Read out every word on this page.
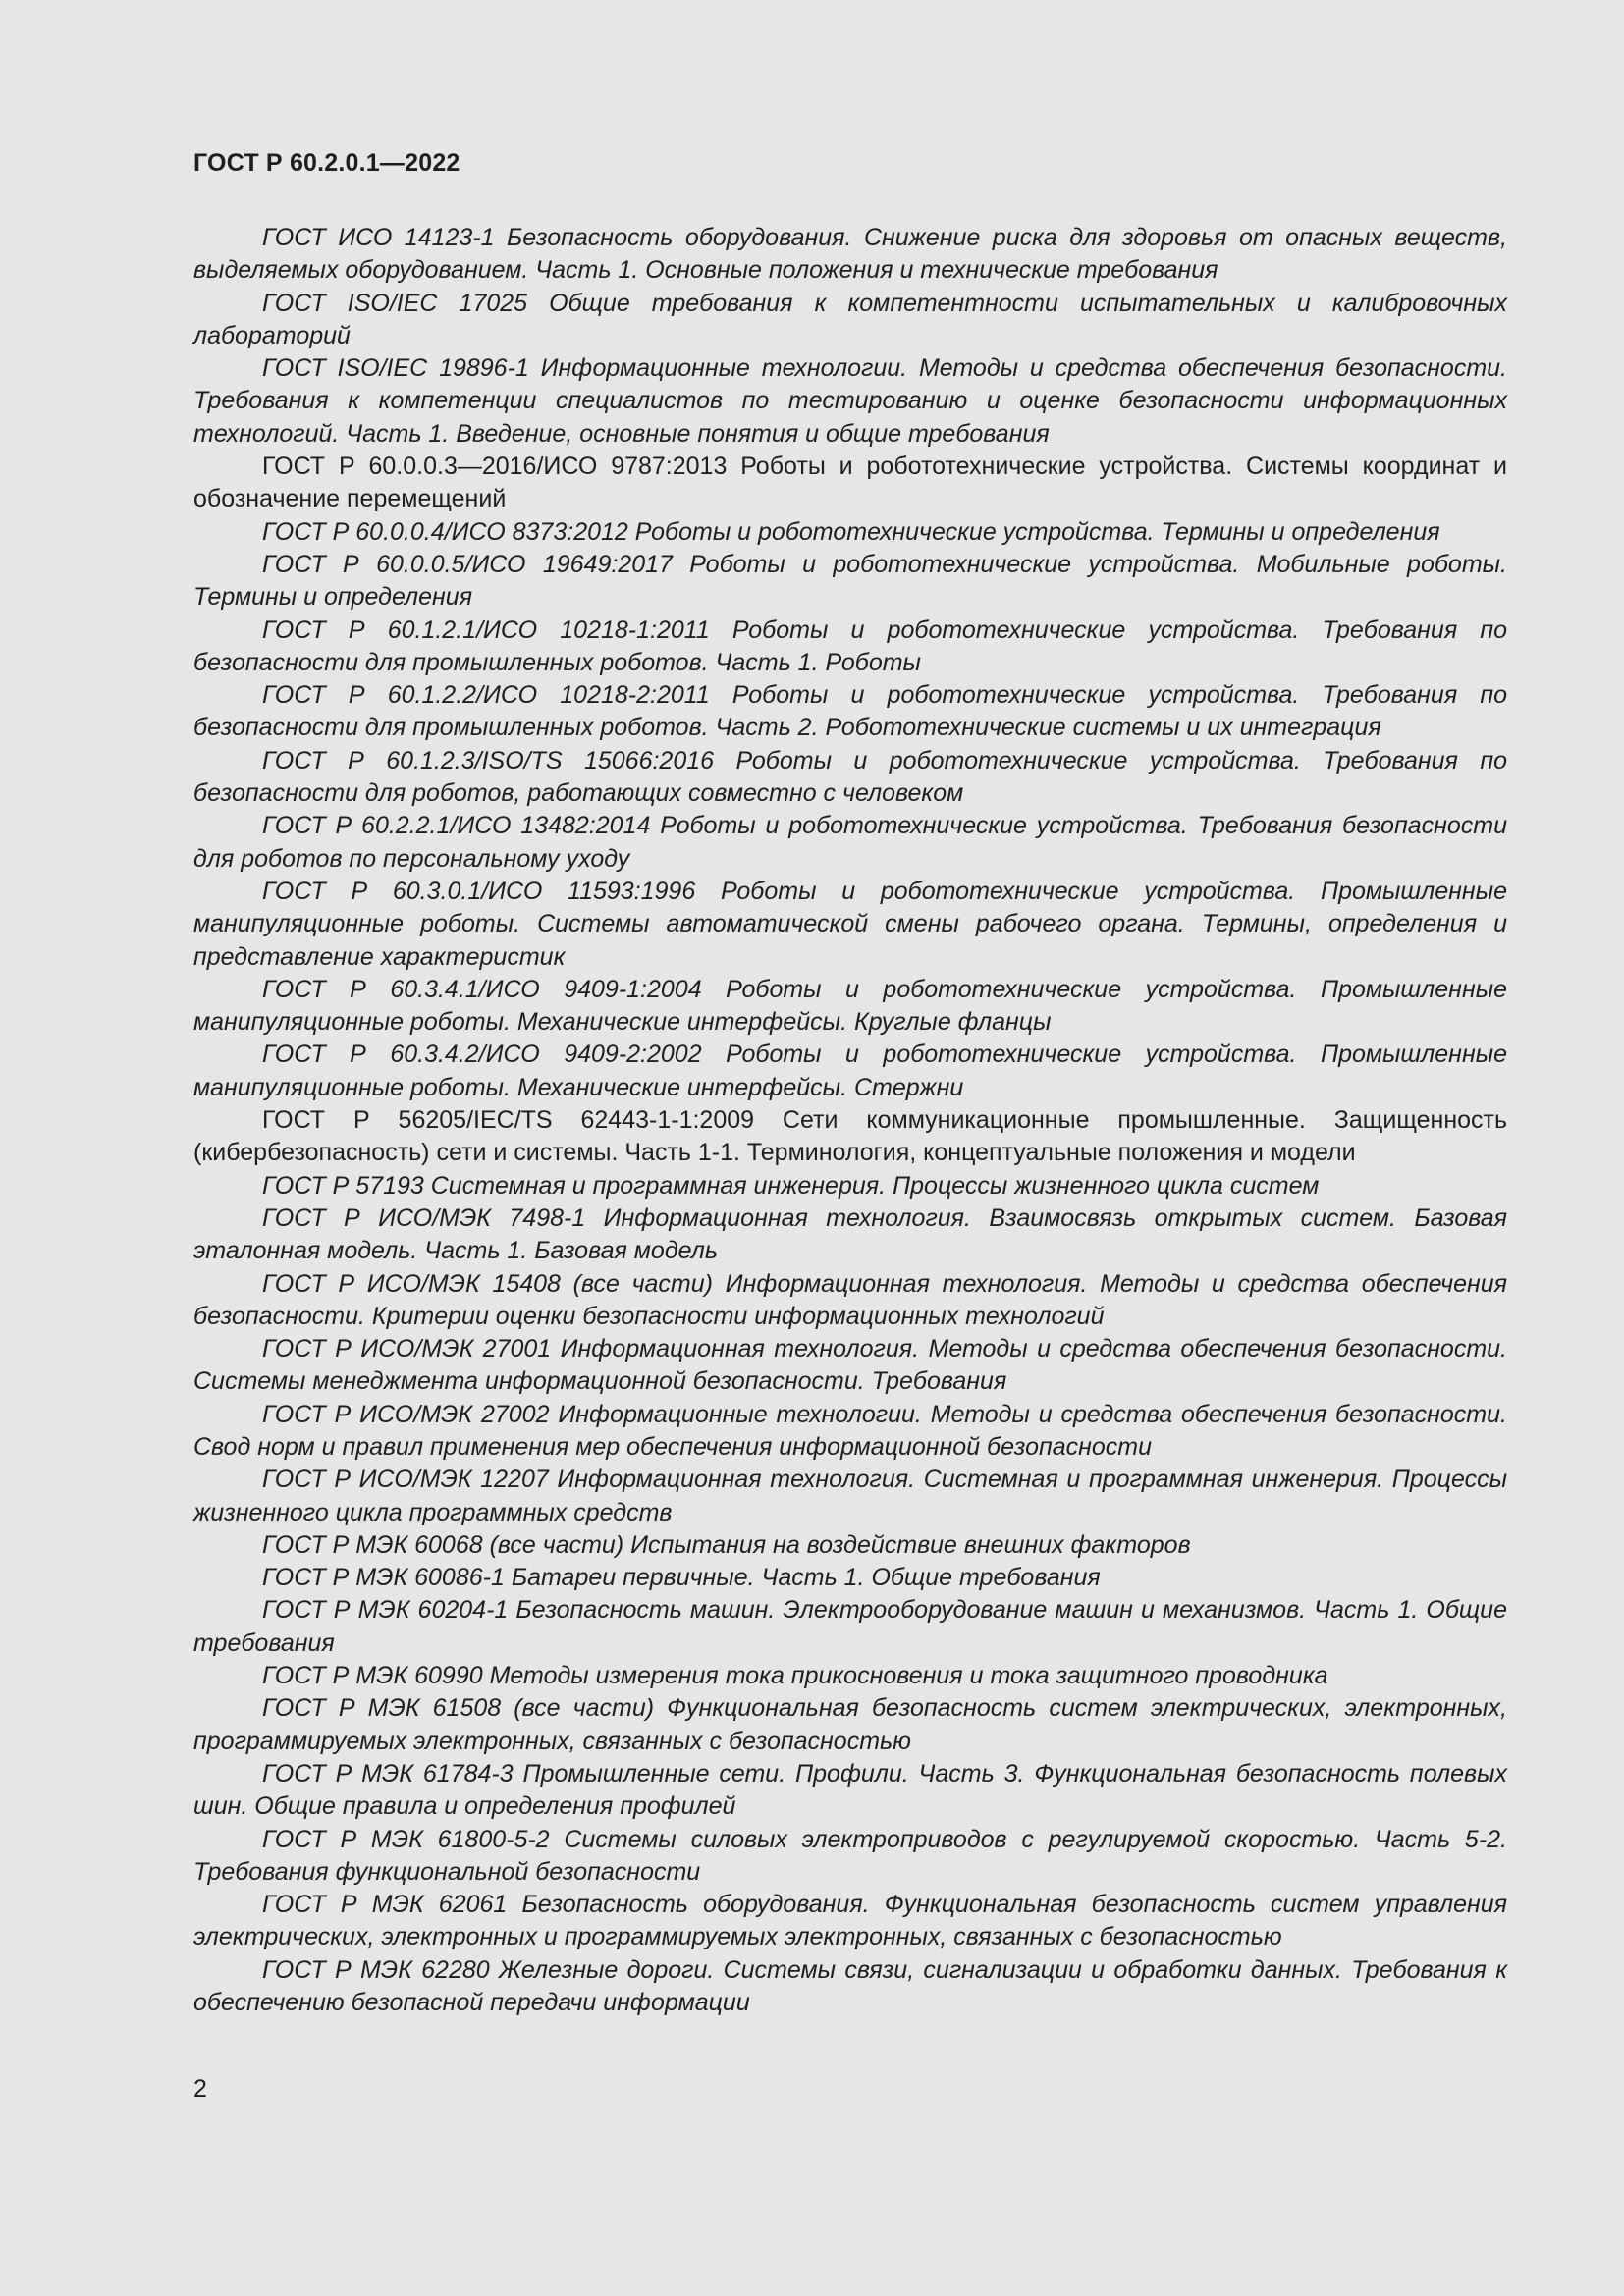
ГОСТ Р 60.2.0.1—2022

ГОСТ ИСО 14123-1 Безопасность оборудования. Снижение риска для здоровья от опасных веществ, выделяемых оборудованием. Часть 1. Основные положения и технические требования

ГОСТ ISO/IEC 17025 Общие требования к компетентности испытательных и калибровочных лабораторий

ГОСТ ISO/IEC 19896-1 Информационные технологии. Методы и средства обеспечения безопасности. Требования к компетенции специалистов по тестированию и оценке безопасности информационных технологий. Часть 1. Введение, основные понятия и общие требования

ГОСТ Р 60.0.0.3—2016/ИСО 9787:2013 Роботы и робототехнические устройства. Системы координат и обозначение перемещений

ГОСТ Р 60.0.0.4/ИСО 8373:2012 Роботы и робототехнические устройства. Термины и определения

ГОСТ Р 60.0.0.5/ИСО 19649:2017 Роботы и робототехнические устройства. Мобильные роботы. Термины и определения

ГОСТ Р 60.1.2.1/ИСО 10218-1:2011 Роботы и робототехнические устройства. Требования по безопасности для промышленных роботов. Часть 1. Роботы

ГОСТ Р 60.1.2.2/ИСО 10218-2:2011 Роботы и робототехнические устройства. Требования по безопасности для промышленных роботов. Часть 2. Робототехнические системы и их интеграция

ГОСТ Р 60.1.2.3/ISO/TS 15066:2016 Роботы и робототехнические устройства. Требования по безопасности для роботов, работающих совместно с человеком

ГОСТ Р 60.2.2.1/ИСО 13482:2014 Роботы и робототехнические устройства. Требования безопасности для роботов по персональному уходу

ГОСТ Р 60.3.0.1/ИСО 11593:1996 Роботы и робототехнические устройства. Промышленные манипуляционные роботы. Системы автоматической смены рабочего органа. Термины, определения и представление характеристик

ГОСТ Р 60.3.4.1/ИСО 9409-1:2004 Роботы и робототехнические устройства. Промышленные манипуляционные роботы. Механические интерфейсы. Круглые фланцы

ГОСТ Р 60.3.4.2/ИСО 9409-2:2002 Роботы и робототехнические устройства. Промышленные манипуляционные роботы. Механические интерфейсы. Стержни

ГОСТ Р 56205/IEC/TS 62443-1-1:2009 Сети коммуникационные промышленные. Защищенность (кибербезопасность) сети и системы. Часть 1-1. Терминология, концептуальные положения и модели

ГОСТ Р 57193 Системная и программная инженерия. Процессы жизненного цикла систем

ГОСТ Р ИСО/МЭК 7498-1 Информационная технология. Взаимосвязь открытых систем. Базовая эталонная модель. Часть 1. Базовая модель

ГОСТ Р ИСО/МЭК 15408 (все части) Информационная технология. Методы и средства обеспечения безопасности. Критерии оценки безопасности информационных технологий

ГОСТ Р ИСО/МЭК 27001 Информационная технология. Методы и средства обеспечения безопасности. Системы менеджмента информационной безопасности. Требования

ГОСТ Р ИСО/МЭК 27002 Информационные технологии. Методы и средства обеспечения безопасности. Свод норм и правил применения мер обеспечения информационной безопасности

ГОСТ Р ИСО/МЭК 12207 Информационная технология. Системная и программная инженерия. Процессы жизненного цикла программных средств

ГОСТ Р МЭК 60068 (все части) Испытания на воздействие внешних факторов

ГОСТ Р МЭК 60086-1 Батареи первичные. Часть 1. Общие требования

ГОСТ Р МЭК 60204-1 Безопасность машин. Электрооборудование машин и механизмов. Часть 1. Общие требования

ГОСТ Р МЭК 60990 Методы измерения тока прикосновения и тока защитного проводника

ГОСТ Р МЭК 61508 (все части) Функциональная безопасность систем электрических, электронных, программируемых электронных, связанных с безопасностью

ГОСТ Р МЭК 61784-3 Промышленные сети. Профили. Часть 3. Функциональная безопасность полевых шин. Общие правила и определения профилей

ГОСТ Р МЭК 61800-5-2 Системы силовых электроприводов с регулируемой скоростью. Часть 5-2. Требования функциональной безопасности

ГОСТ Р МЭК 62061 Безопасность оборудования. Функциональная безопасность систем управления электрических, электронных и программируемых электронных, связанных с безопасностью

ГОСТ Р МЭК 62280 Железные дороги. Системы связи, сигнализации и обработки данных. Требования к обеспечению безопасной передачи информации

2
